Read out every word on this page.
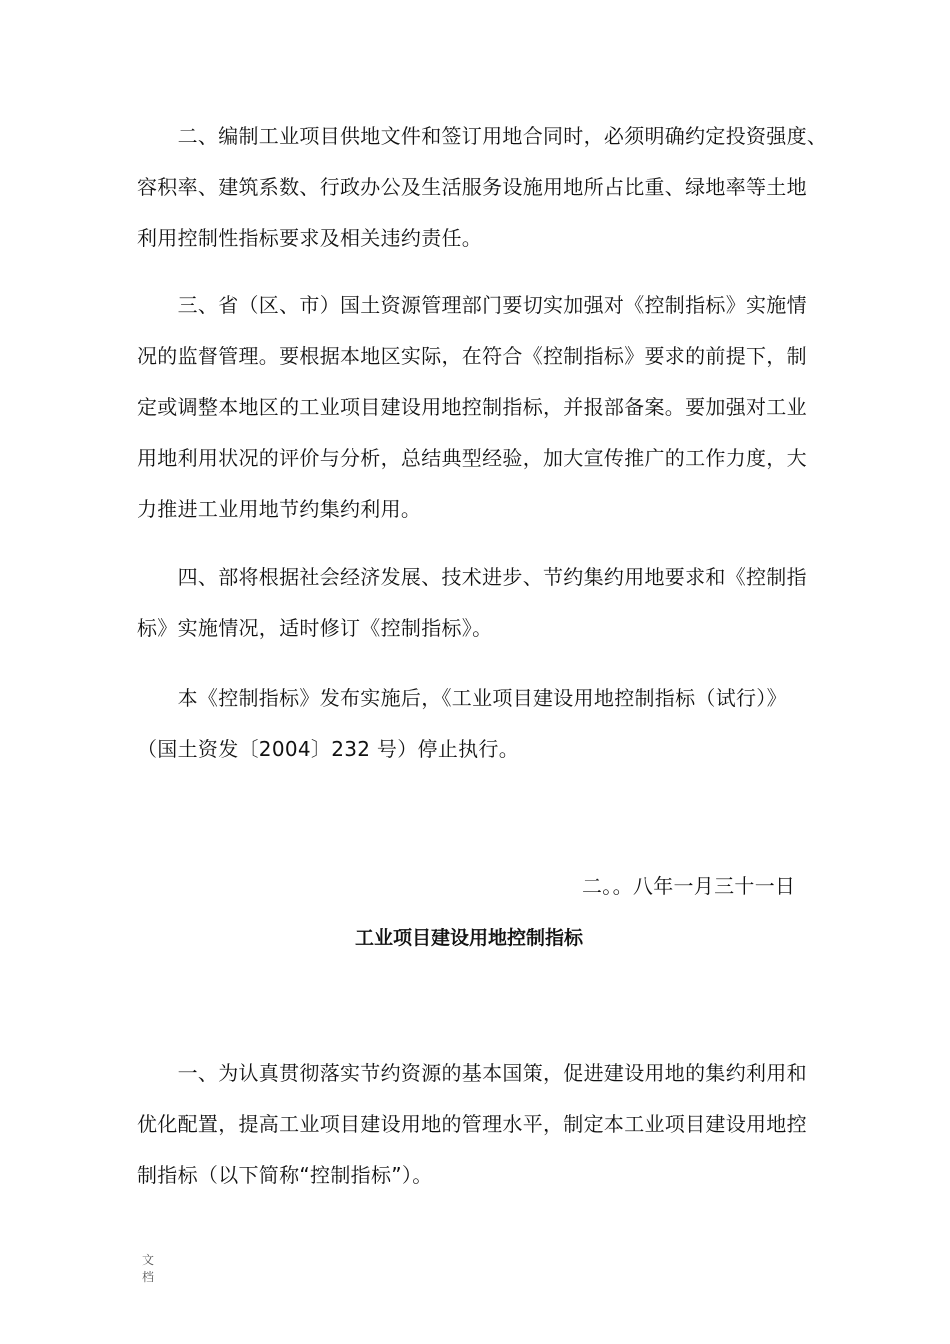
　　二、编制工业项目供地文件和签订用地合同时，必须明确约定投资强度、
容积率、建筑系数、行政办公及生活服务设施用地所占比重、绿地率等土地
利用控制性指标要求及相关违约责任。
　　三、省（区、市）国土资源管理部门要切实加强对《控制指标》实施情
况的监督管理。要根据本地区实际，在符合《控制指标》要求的前提下，制
定或调整本地区的工业项目建设用地控制指标，并报部备案。要加强对工业
用地利用状况的评价与分析，总结典型经验，加大宣传推广的工作力度，大
力推进工业用地节约集约利用。
　　四、部将根据社会经济发展、技术进步、节约集约用地要求和《控制指
标》实施情况，适时修订《控制指标》。
　　本《控制指标》发布实施后，《工业项目建设用地控制指标（试行）》
（国土资发〔2004〕232 号）停止执行。
二。。八年一月三十一日
工业项目建设用地控制指标
　　一、为认真贯彻落实节约资源的基本国策，促进建设用地的集约利用和
优化配置，提高工业项目建设用地的管理水平，制定本工业项目建设用地控
制指标（以下简称“控制指标”）。
文档
